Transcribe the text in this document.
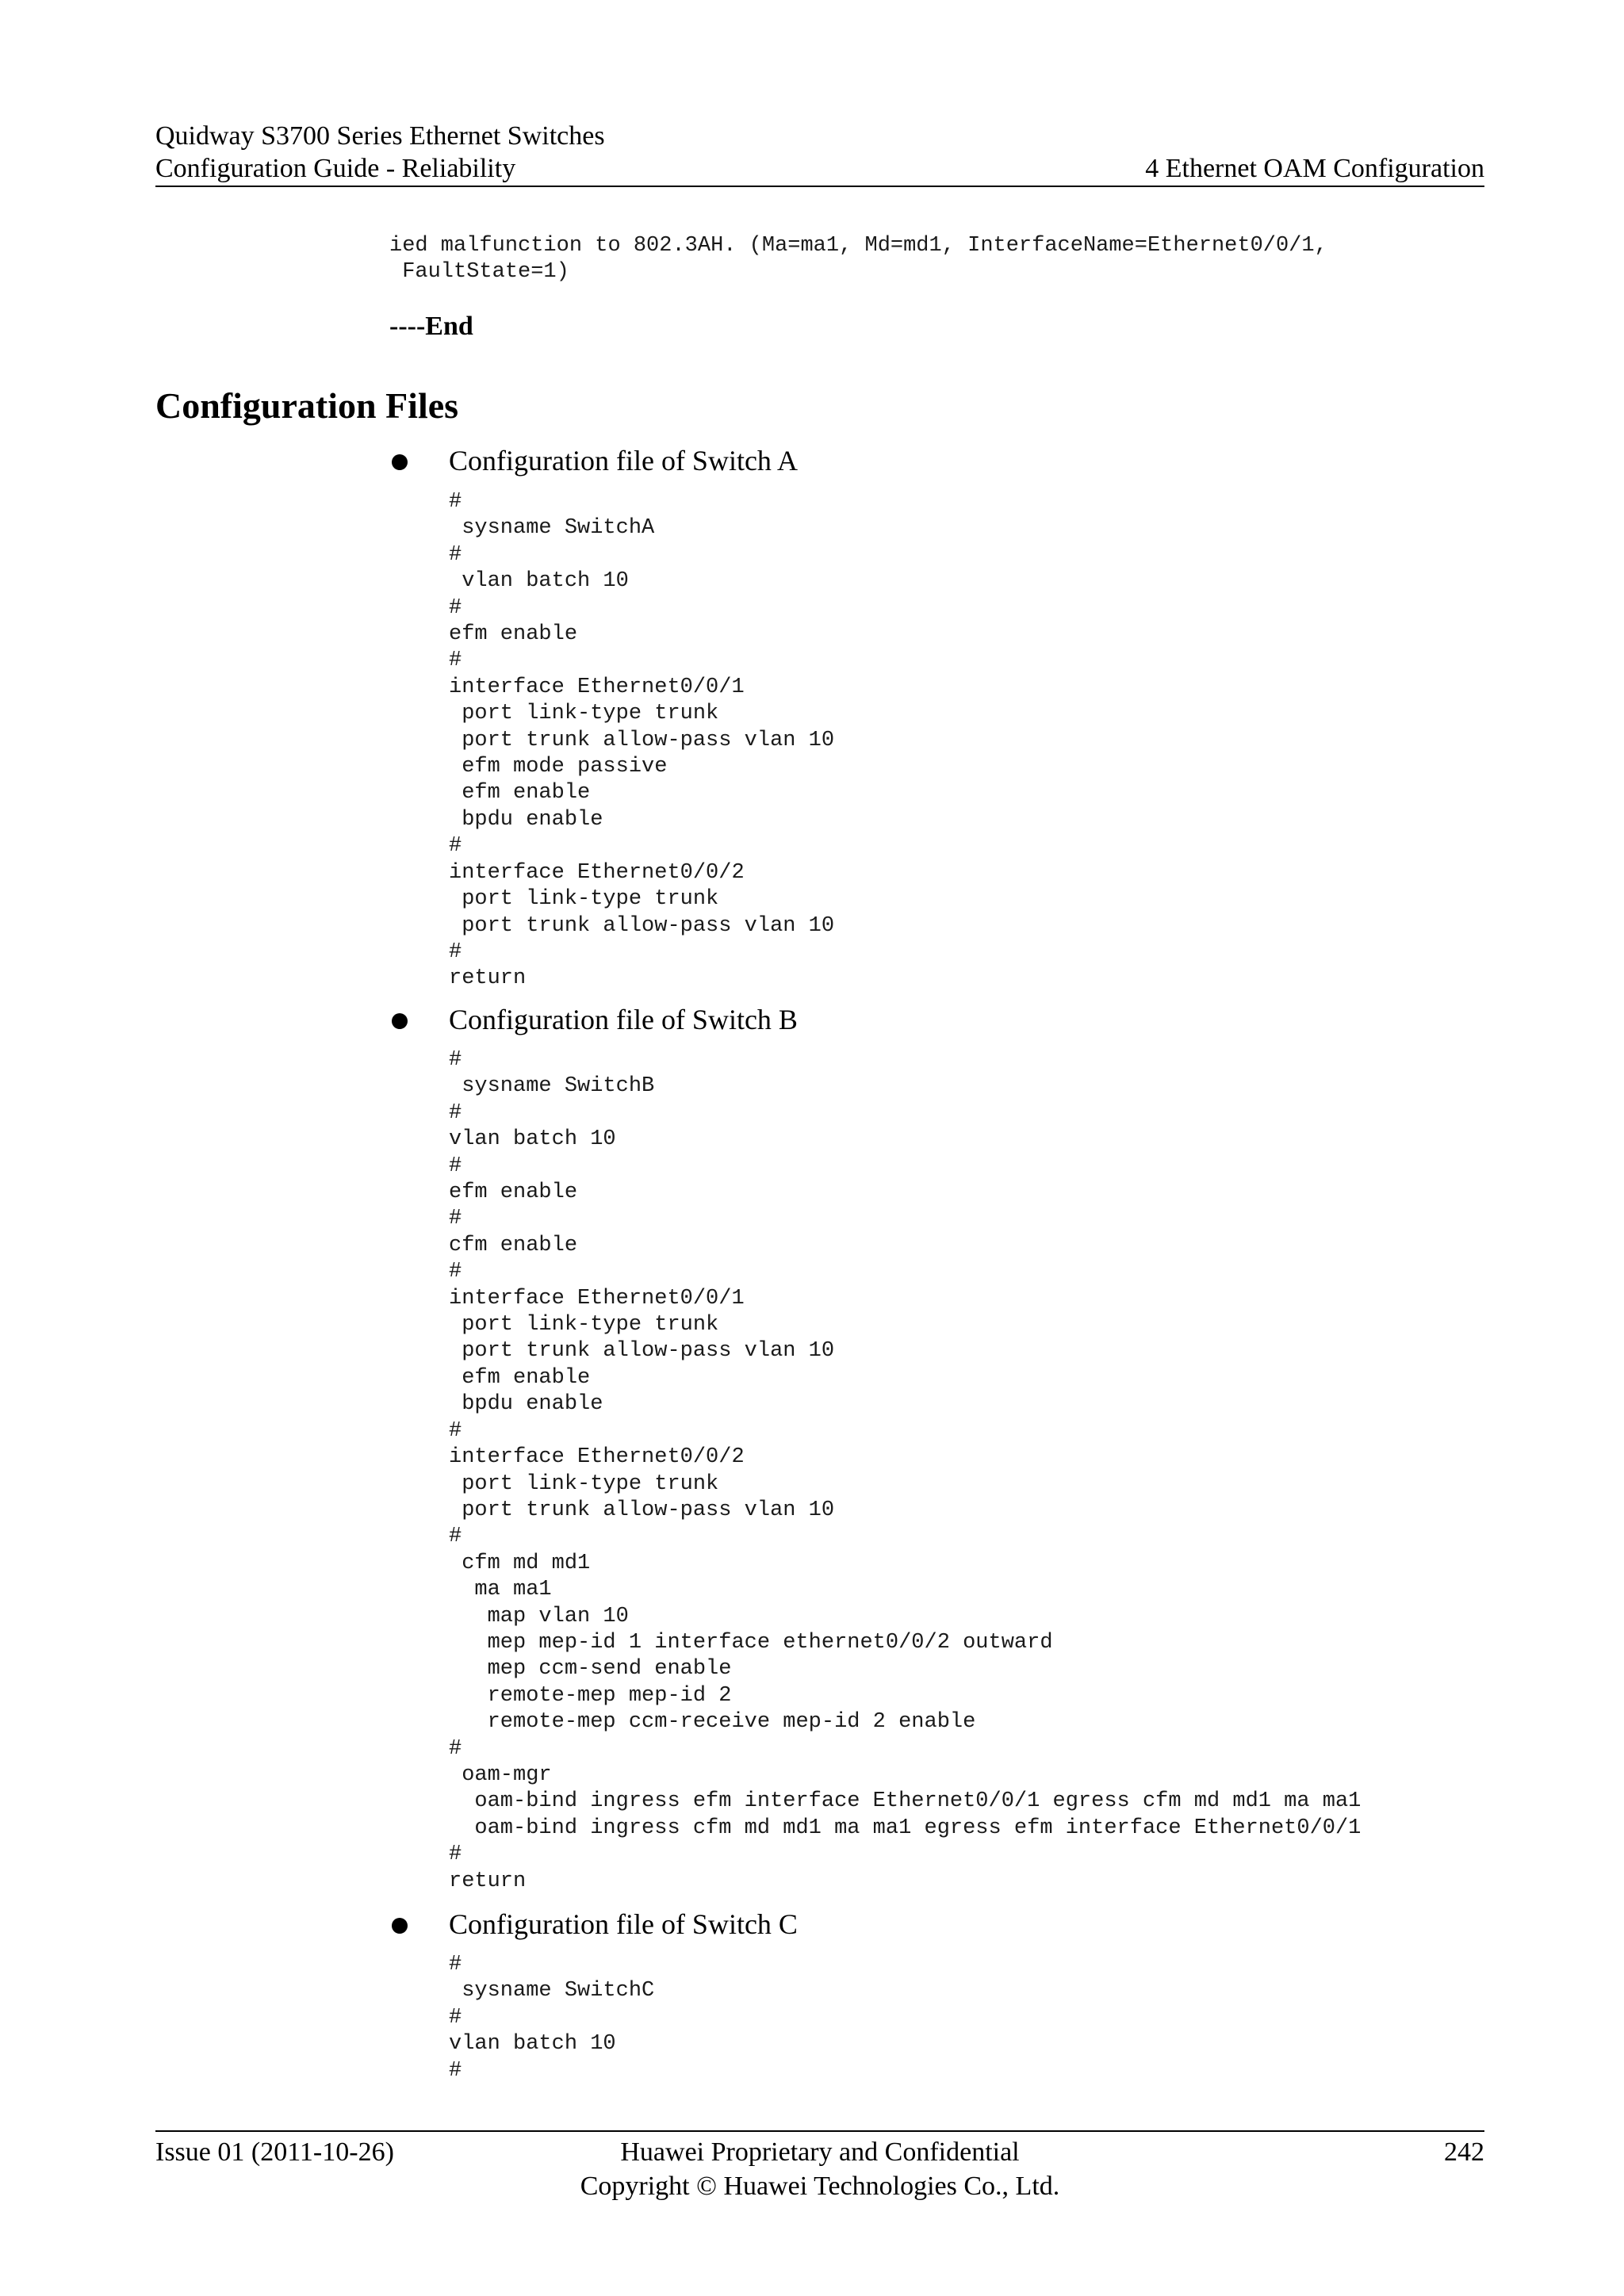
Quidway S3700 Series Ethernet Switches
Configuration Guide - Reliability	4 Ethernet OAM Configuration
ied malfunction to 802.3AH. (Ma=ma1, Md=md1, InterfaceName=Ethernet0/0/1,
FaultState=1)
----End
Configuration Files
Configuration file of Switch A
#
sysname SwitchA
#
vlan batch 10
#
efm enable
#
interface Ethernet0/0/1
port link-type trunk
port trunk allow-pass vlan 10
efm mode passive
efm enable
bpdu enable
#
interface Ethernet0/0/2
port link-type trunk
port trunk allow-pass vlan 10
#
return
Configuration file of Switch B
#
sysname SwitchB
#
vlan batch 10
#
efm enable
#
cfm enable
#
interface Ethernet0/0/1
port link-type trunk
port trunk allow-pass vlan 10
efm enable
bpdu enable
#
interface Ethernet0/0/2
port link-type trunk
port trunk allow-pass vlan 10
#
cfm md md1
ma ma1
map vlan 10
mep mep-id 1 interface ethernet0/0/2 outward
mep ccm-send enable
remote-mep mep-id 2
remote-mep ccm-receive mep-id 2 enable
#
oam-mgr
oam-bind ingress efm interface Ethernet0/0/1 egress cfm md md1 ma ma1
oam-bind ingress cfm md md1 ma ma1 egress efm interface Ethernet0/0/1
#
return
Configuration file of Switch C
#
sysname SwitchC
#
vlan batch 10
#
Issue 01 (2011-10-26)	Huawei Proprietary and Confidential
Copyright © Huawei Technologies Co., Ltd.
242
